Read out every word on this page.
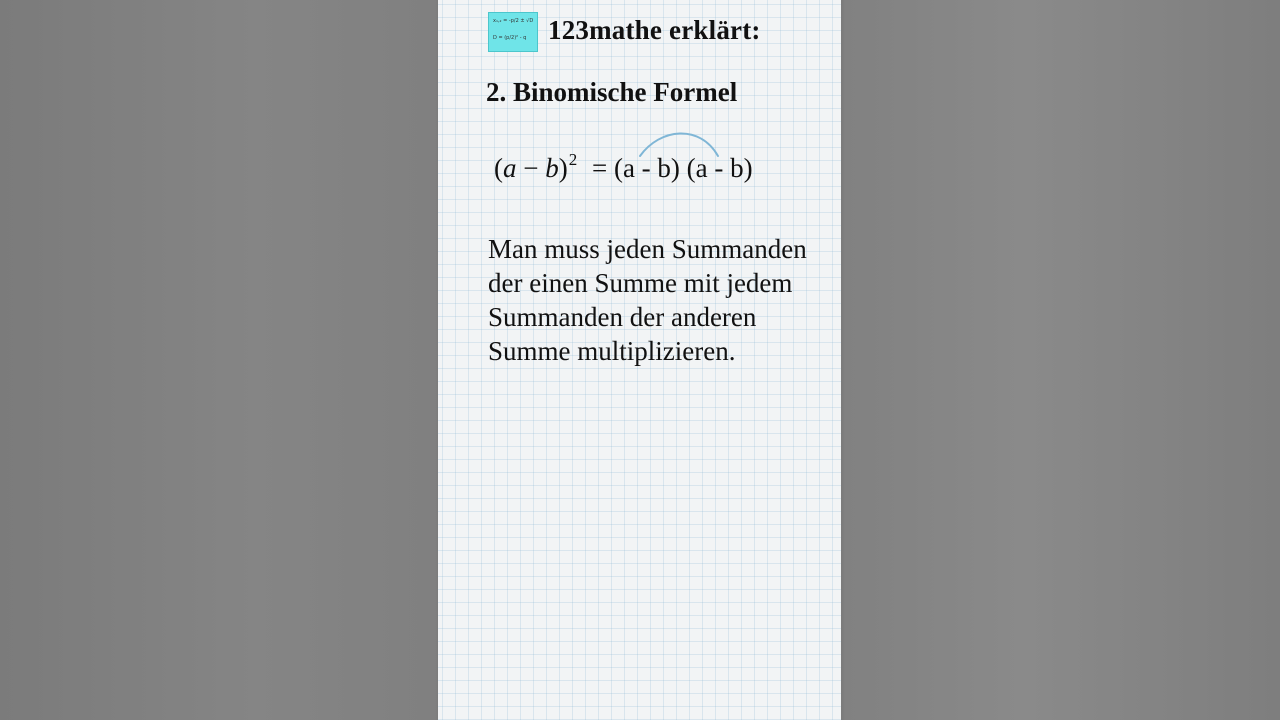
x₁,₂ = -p/2 ± √D
D = (p/2)² - q 123mathe erklärt:
2. Binomische Formel
$(a - b)^2 = (a - b)$ (a - b)
Man muss jeden Summanden
der einen Summe mit jedem
Summanden der anderen
Summe multiplizieren.
